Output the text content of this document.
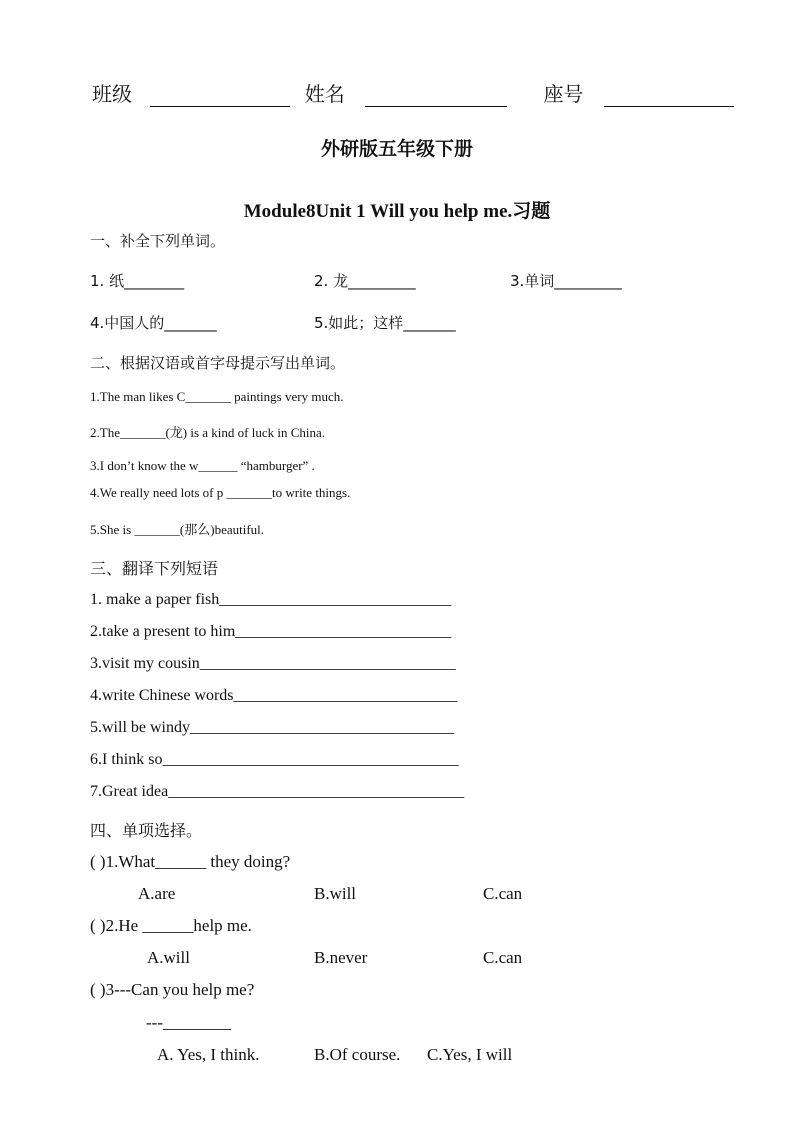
班级	姓名	座号
外研版五年级下册
Module8Unit 1 Will you help me.习题
一、补全下列单词。
1. 纸________	2. 龙_________	3.单词_________
4.中国人的_______	5.如此；这样_______
二、根据汉语或首字母提示写出单词。
1.The man likes C_______ paintings very much.
2.The_______(龙) is a kind of luck in China.
3.I don’t know the w______ “hamburger” .
4.We really need lots of p _______to write things.
5.She is _______(那么)beautiful.
三、翻译下列短语
1. make a paper fish_____________________________
2.take a present to him___________________________
3.visit my cousin________________________________
4.write Chinese words____________________________
5.will be windy_________________________________
6.I think so_____________________________________
7.Great idea_____________________________________
四、单项选择。
( )1.What______ they doing?
A.are	B.will	C.can
( )2.He ______help me.
A.will	B.never	C.can
( )3---Can you help me?
---________
A. Yes, I think.	B.Of course. C.Yes, I will
